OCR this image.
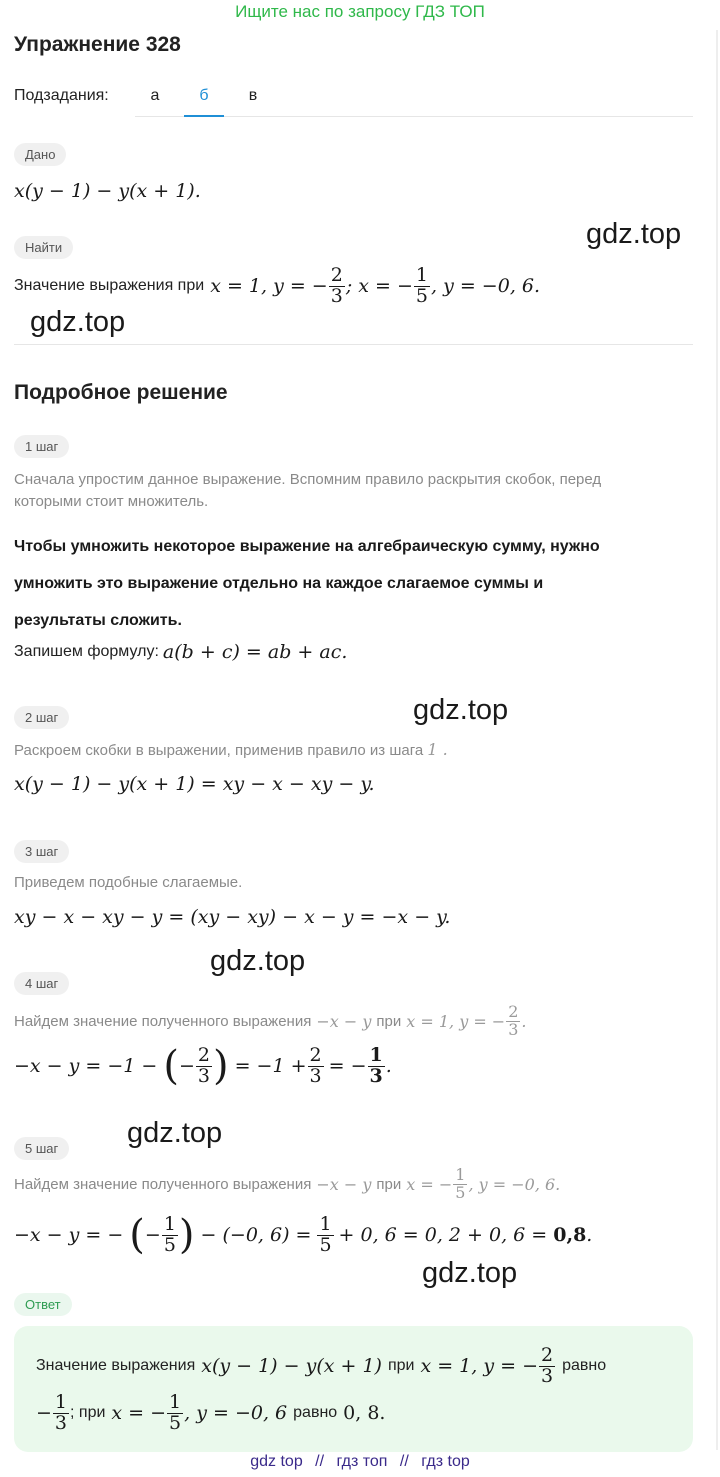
Ищите нас по запросу ГДЗ ТОП
Упражнение 328
Подзадания:	а	б	в
Дано
x(y − 1) − y(x + 1).
Найти
Значение выражения при x = 1, y = − $\frac{2}{3}$ ; x = − $\frac{1}{5}$ , y = −0, 6.
gdz.top
gdz.top
Подробное решение
1 шаг
Сначала упростим данное выражение. Вспомним правило раскрытия скобок, перед
которыми стоит множитель.
Чтобы умножить некоторое выражение на алгебраическую сумму, нужно
умножить это выражение отдельно на каждое слагаемое суммы и
результаты сложить.
Запишем формулу: a(b + c) = ab + ac.
gdz.top
2 шаг
Раскроем скобки в выражении, применив правило из шага 1 .
x(y − 1) − y(x + 1) = xy − x − xy − y.
3 шаг
Приведем подобные слагаемые.
xy − x − xy − y = (xy − xy) − x − y = −x − y.
gdz.top
4 шаг
Найдем значение полученного выражения −x − y при x = 1, y = − $\frac{2}{3}$ .
−x − y = −1 − ( − $\frac{2}{3}$ ) = $-1 + \frac{2}{3}$ = − $\frac{1}{3}$ .
gdz.top
5 шаг
Найдем значение полученного выражения −x − y при x = − $\frac{1}{5}$ , y = −0, 6.
−x − y = − ( − $\frac{1}{5}$ ) − (−0, $6) = \frac{1}{5} + 0$, 6 = 0, 2 + 0, 6 = 0,8 .
gdz.top
Ответ
Значение выражения x(y − 1) − y(x + 1) при x = 1, y = − $\frac{2}{3}$ равно
− $\frac{1}{3}$ ; при x = − $\frac{1}{5}$ , y = −0, 6 равно 0, 8.
gdz top // гдз топ // гдз top
